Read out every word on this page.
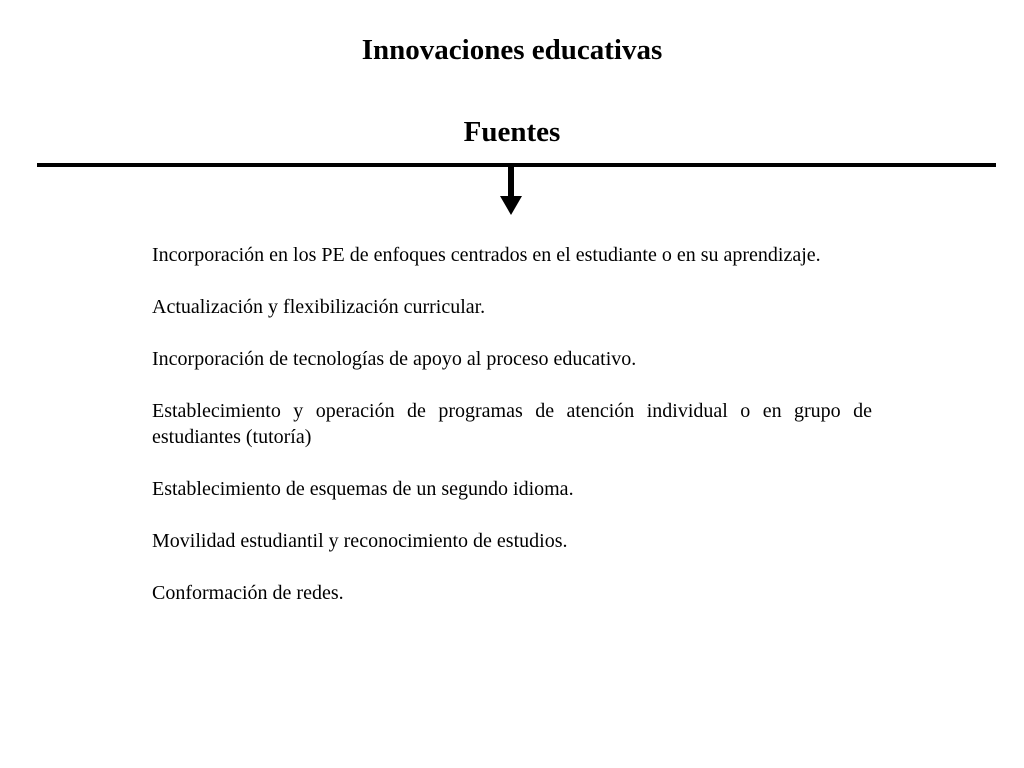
Innovaciones educativas
Fuentes
Incorporación en los PE de enfoques centrados en el estudiante o en su aprendizaje.
Actualización y flexibilización curricular.
Incorporación de tecnologías de apoyo al proceso educativo.
Establecimiento y operación de programas de atención individual o en grupo de estudiantes (tutoría)
Establecimiento de esquemas de un segundo idioma.
Movilidad estudiantil y reconocimiento de estudios.
Conformación de redes.
